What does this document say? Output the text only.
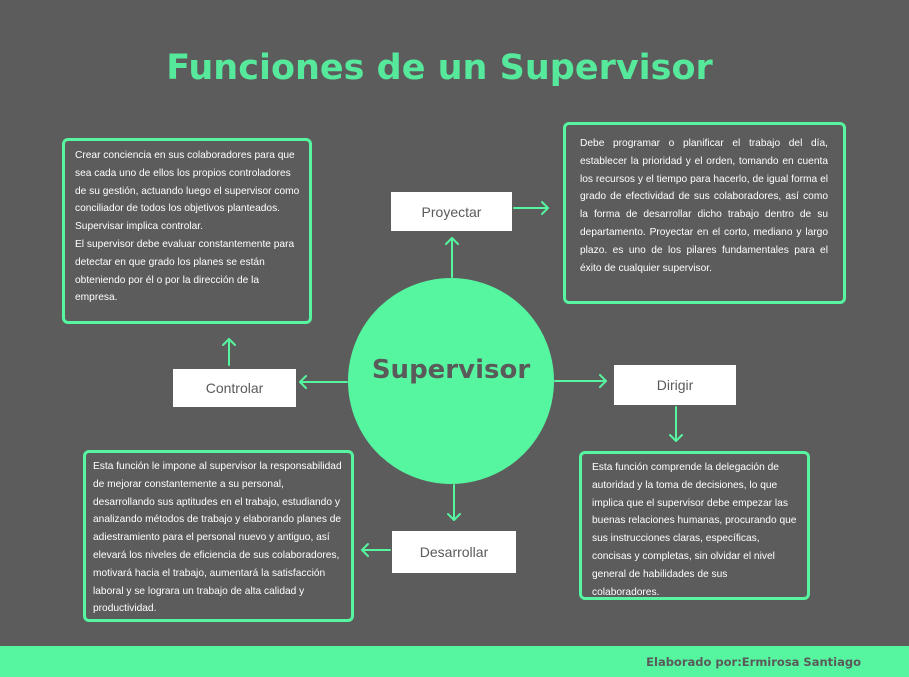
Funciones de un Supervisor

Crear conciencia en sus colaboradores para que sea cada uno de ellos los propios controladores de su gestión, actuando luego el supervisor como conciliador de todos los objetivos planteados. Supervisar implica controlar.

El supervisor debe evaluar constantemente para detectar en que grado los planes se están obteniendo por él o por la dirección de la empresa.

Debe programar o planificar el trabajo del día, establecer la prioridad y el orden, tomando en cuenta los recursos y el tiempo para hacerlo, de igual forma el grado de efectividad de sus colaboradores, así como la forma de desarrollar dicho trabajo dentro de su departamento. Proyectar en el corto, mediano y largo plazo. es uno de los pilares fundamentales para el éxito de cualquier supervisor.

Esta función le impone al supervisor la responsabilidad de mejorar constantemente a su personal, desarrollando sus aptitudes en el trabajo, estudiando y analizando métodos de trabajo y elaborando planes de adiestramiento para el personal nuevo y antiguo, así elevará los niveles de eficiencia de sus colaboradores, motivará hacia el trabajo, aumentará la satisfacción laboral y se lograra un trabajo de alta calidad y productividad.

Esta función comprende la delegación de autoridad y la toma de decisiones, lo que implica que el supervisor debe empezar las buenas relaciones humanas, procurando que sus instrucciones claras, específicas, concisas y completas, sin olvidar el nivel general de habilidades de sus colaboradores.

Supervisor
Proyectar
Controlar	Dirigir
Desarrollar
Elaborado por:Ermirosa Santiago
